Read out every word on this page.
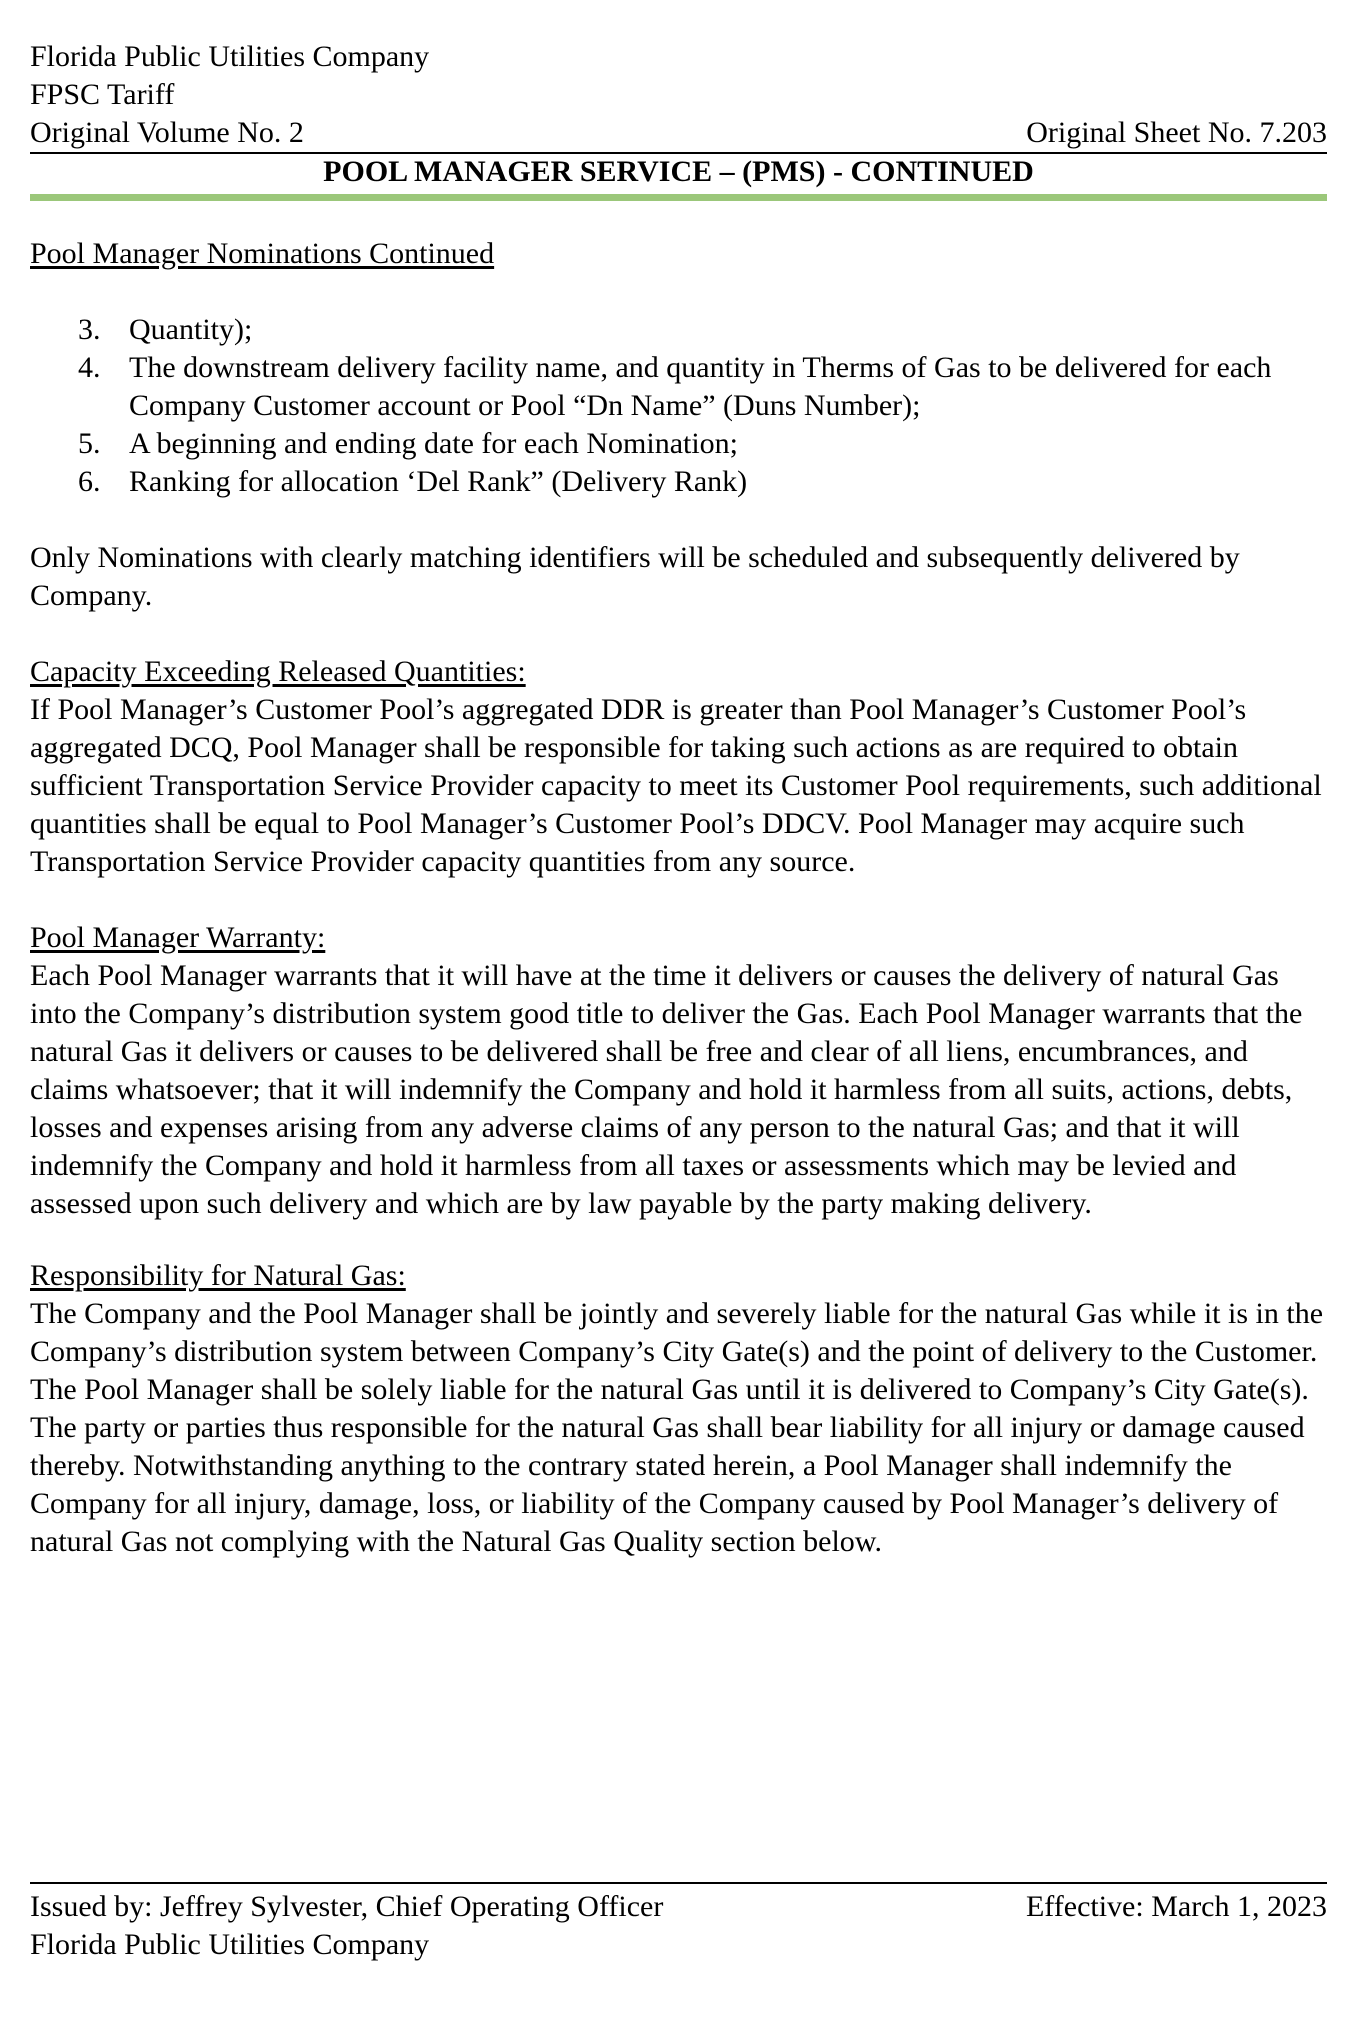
Florida Public Utilities Company
FPSC Tariff
Original Volume No. 2	Original Sheet No. 7.203
POOL MANAGER SERVICE – (PMS) - CONTINUED
Pool Manager Nominations Continued
3. Quantity);
4. The downstream delivery facility name, and quantity in Therms of Gas to be delivered for each Company Customer account or Pool “Dn Name” (Duns Number);
5. A beginning and ending date for each Nomination;
6. Ranking for allocation ‘Del Rank” (Delivery Rank)

Only Nominations with clearly matching identifiers will be scheduled and subsequently delivered by Company.

Capacity Exceeding Released Quantities:

If Pool Manager’s Customer Pool’s aggregated DDR is greater than Pool Manager’s Customer Pool’s aggregated DCQ, Pool Manager shall be responsible for taking such actions as are required to obtain sufficient Transportation Service Provider capacity to meet its Customer Pool requirements, such additional quantities shall be equal to Pool Manager’s Customer Pool’s DDCV. Pool Manager may acquire such Transportation Service Provider capacity quantities from any source.

Pool Manager Warranty:

Each Pool Manager warrants that it will have at the time it delivers or causes the delivery of natural Gas into the Company’s distribution system good title to deliver the Gas. Each Pool Manager warrants that the natural Gas it delivers or causes to be delivered shall be free and clear of all liens, encumbrances, and claims whatsoever; that it will indemnify the Company and hold it harmless from all suits, actions, debts, losses and expenses arising from any adverse claims of any person to the natural Gas; and that it will indemnify the Company and hold it harmless from all taxes or assessments which may be levied and assessed upon such delivery and which are by law payable by the party making delivery.

Responsibility for Natural Gas:

The Company and the Pool Manager shall be jointly and severely liable for the natural Gas while it is in the Company’s distribution system between Company’s City Gate(s) and the point of delivery to the Customer. The Pool Manager shall be solely liable for the natural Gas until it is delivered to Company’s City Gate(s). The party or parties thus responsible for the natural Gas shall bear liability for all injury or damage caused thereby. Notwithstanding anything to the contrary stated herein, a Pool Manager shall indemnify the Company for all injury, damage, loss, or liability of the Company caused by Pool Manager’s delivery of natural Gas not complying with the Natural Gas Quality section below.

Issued by: Jeffrey Sylvester, Chief Operating Officer	Effective: March 1, 2023
Florida Public Utilities Company
